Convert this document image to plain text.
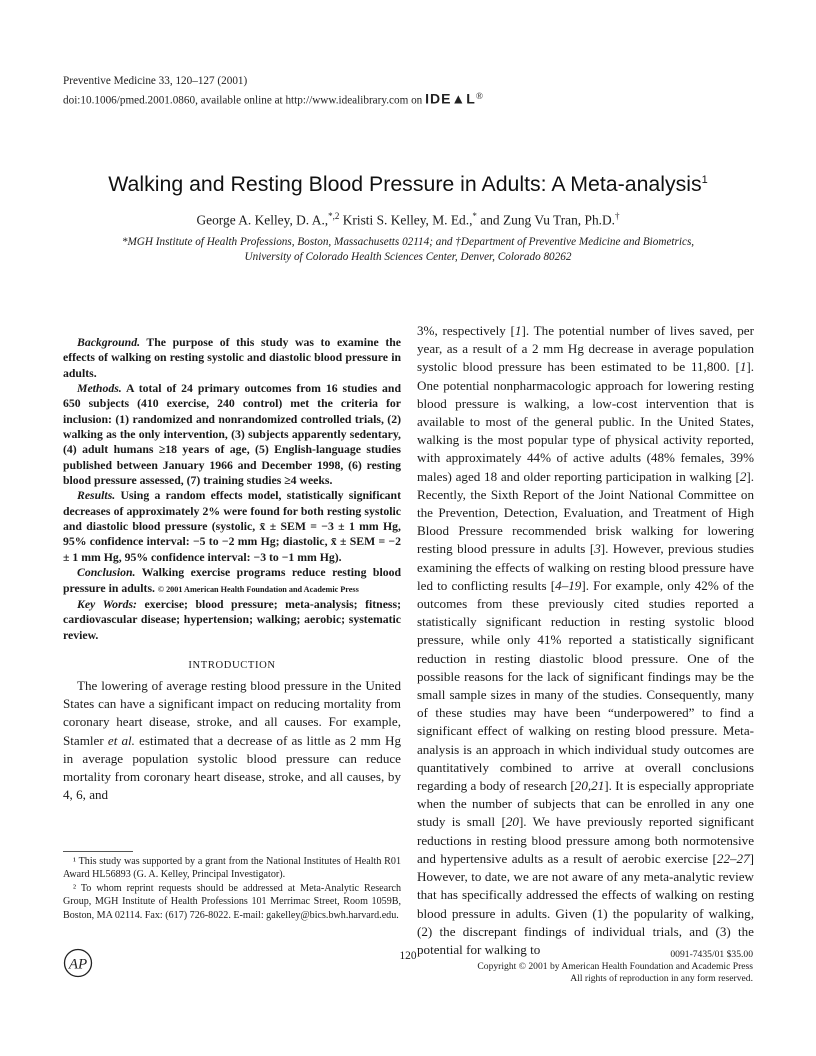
Preventive Medicine 33, 120–127 (2001)
doi:10.1006/pmed.2001.0860, available online at http://www.idealibrary.com on IDE▲L®
Walking and Resting Blood Pressure in Adults: A Meta-analysis$^1$
George A. Kelley, D. A.,$^{*,2}$ Kristi S. Kelley, M. Ed.,* and Zung Vu Tran, Ph.D.†
*MGH Institute of Health Professions, Boston, Massachusetts 02114; and †Department of Preventive Medicine and Biometrics,
University of Colorado Health Sciences Center, Denver, Colorado 80262

Background. The purpose of this study was to examine the effects of walking on resting systolic and diastolic blood pressure in adults.

Methods. A total of 24 primary outcomes from 16 studies and 650 subjects (410 exercise, 240 control) met the criteria for inclusion: (1) randomized and nonrandomized controlled trials, (2) walking as the only intervention, (3) subjects apparently sedentary, (4) adult humans ≥18 years of age, (5) English-language studies published between January 1966 and December 1998, (6) resting blood pressure assessed, (7) training studies ≥4 weeks.

Results. Using a random effects model, statistically significant decreases of approximately 2% were found for both resting systolic and diastolic blood pressure (systolic, x̄ ± SEM = −3 ± 1 mm Hg, 95% confidence interval: −5 to −2 mm Hg; diastolic, x̄ ± SEM = −2 ± 1 mm Hg, 95% confidence interval: −3 to −1 mm Hg).

Conclusion. Walking exercise programs reduce resting blood pressure in adults. © 2001 American Health Foundation and Academic Press

Key Words: exercise; blood pressure; meta-analysis; fitness; cardiovascular disease; hypertension; walking; aerobic; systematic review.

INTRODUCTION

The lowering of average resting blood pressure in the United States can have a significant impact on reducing mortality from coronary heart disease, stroke, and all causes. For example, Stamler et al. estimated that a decrease of as little as 2 mm Hg in average population systolic blood pressure can reduce mortality from coronary heart disease, stroke, and all causes, by 4, 6, and

¹ This study was supported by a grant from the National Institutes of Health R01 Award HL56893 (G. A. Kelley, Principal Investigator).

² To whom reprint requests should be addressed at Meta-Analytic Research Group, MGH Institute of Health Professions 101 Merrimac Street, Room 1059B, Boston, MA 02114. Fax: (617) 726-8022. E-mail: gakelley@bics.bwh.harvard.edu.

3%, respectively [1]. The potential number of lives saved, per year, as a result of a 2 mm Hg decrease in average population systolic blood pressure has been estimated to be 11,800. [1]. One potential nonpharmacologic approach for lowering resting blood pressure is walking, a low-cost intervention that is available to most of the general public. In the United States, walking is the most popular type of physical activity reported, with approximately 44% of active adults (48% females, 39% males) aged 18 and older reporting participation in walking [2]. Recently, the Sixth Report of the Joint National Committee on the Prevention, Detection, Evaluation, and Treatment of High Blood Pressure recommended brisk walking for lowering resting blood pressure in adults [3]. However, previous studies examining the effects of walking on resting blood pressure have led to conflicting results [4–19]. For example, only 42% of the outcomes from these previously cited studies reported a statistically significant reduction in resting systolic blood pressure, while only 41% reported a statistically significant reduction in resting diastolic blood pressure. One of the possible reasons for the lack of significant findings may be the small sample sizes in many of the studies. Consequently, many of these studies may have been “underpowered” to find a significant effect of walking on resting blood pressure. Meta-analysis is an approach in which individual study outcomes are quantitatively combined to arrive at overall conclusions regarding a body of research [20,21]. It is especially appropriate when the number of subjects that can be enrolled in any one study is small [20]. We have previously reported significant reductions in resting blood pressure among both normotensive and hypertensive adults as a result of aerobic exercise [22–27] However, to date, we are not aware of any meta-analytic review that has specifically addressed the effects of walking on resting blood pressure in adults. Given (1) the popularity of walking, (2) the discrepant findings of individual trials, and (3) the potential for walking to

AP
120	0091-7435/01 $35.00
Copyright © 2001 by American Health Foundation and Academic Press
All rights of reproduction in any form reserved.
